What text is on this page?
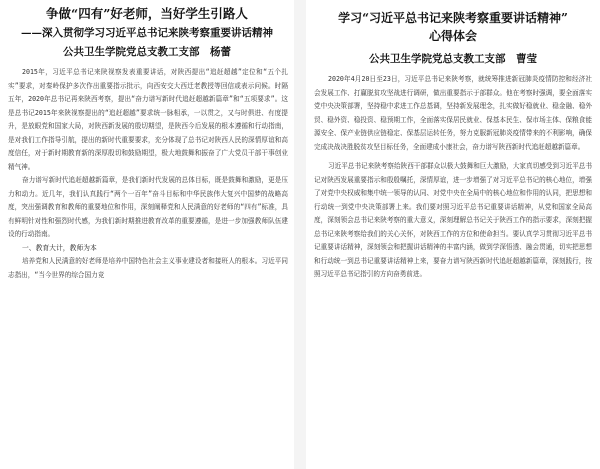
争做“四有”好老师，当好学生引路人
——深入贯彻学习习近平总书记来陕考察重要讲话精神

公共卫生学院党总支教工支部　杨蕾

2015年，习近平总书记来陕视察发表重要讲话，对陕西提出“追赶超越”定位和“五个扎实”要求，对秦岭保护多次作出重要指示批示，向西安交大西迁老教授等回信或表示问候。时隔五年，2020年总书记再来陕西考察，提出“奋力谱写新时代追赶超越新篇章”和“五项要求”。这是总书记2015年来陕视察提出的“追赶超越”要求统一脉相承，一以贯之，又与时俱进、有度提升，是放眼党和国家大局，对陕西新发展的殷切期望，是陕西今后发展的根本遵循和行动指南，是对我们工作指导引航，提出的新时代重要要求，充分体现了总书记对陕西人民的深情厚谊和高度信任，对于新时期教育新的深厚殷切和鼓励期望，极大地鼓舞和振奋了广大党员干部干事创业精气神。

奋力谱写新时代追赶超越新篇章，是我们新时代发展的总体目标，既是鼓舞和激励，更是压力和动力。近几年，我们认真践行“两个一百年”奋斗目标和中华民族伟大复兴中国梦的战略高度，突出强调教育和教师的重要地位和作用，深刻阐释党和人民满意的好老师的“四有”标准，具有鲜明针对性和强烈时代感，为我们新时期推进教育改革的重要遵循，是进一步加强教师队伍建设的行动指南。

一、教育大计，教师为本

培养党和人民满意的好老师是培养中国特色社会主义事业建设者和接班人的根本。习近平同志指出，“当今世界的综合国力竞

学习“习近平总书记来陕考察重要讲话精神”
心得体会

公共卫生学院党总支教工支部　曹莹

2020年4月20日至23日，习近平总书记来陕考察，就统筹推进新冠肺炎疫情防控和经济社会发展工作、打赢脱贫攻坚战进行调研，做出重要指示于部群众。他在考察时强调，要全面落实党中央决策部署，坚持稳中求进工作总基调，坚持新发展理念，扎实做好稳就业、稳金融、稳外贸、稳外资、稳投资、稳预期工作，全面落实保居民就业、保基本民生、保市场主体、保粮食能源安全、保产业链供应链稳定、保基层运转任务，努力克服新冠肺炎疫情带来的不利影响，确保完成决战决胜脱贫攻坚目标任务，全面建成小康社会，奋力谱写陕西新时代追赶超越新篇章。

习近平总书记来陕考察给陕西干部群众以极大鼓舞和巨大激励，大家真切感受到习近平总书记对陕西发展重要指示和殷殷嘱托，深情厚谊，进一步增强了对习近平总书记的核心地位，增强了对党中央权威和集中统一领导的认同、对党中央在全局中的核心地位和作用的认同，把思想和行动统一到党中央决策部署上来。我们要对照习近平总书记重要讲话精神，从党和国家全局高度，深刻领会总书记来陕考察的重大意义，深刻理解总书记关于陕西工作的指示要求，深刻把握总书记来陕考察给我们的关心关怀，对陕西工作的方位和使命担当。要认真学习贯彻习近平总书记重要讲话精神，深刻领会和把握讲话精神的丰富内涵，做到学深悟透、融会贯通，切实把思想和行动统一到总书记重要讲话精神上来，要奋力谱写陕西新时代追赶超越新篇章，深刻践行，按照习近平总书记指引的方向奋勇前进。
